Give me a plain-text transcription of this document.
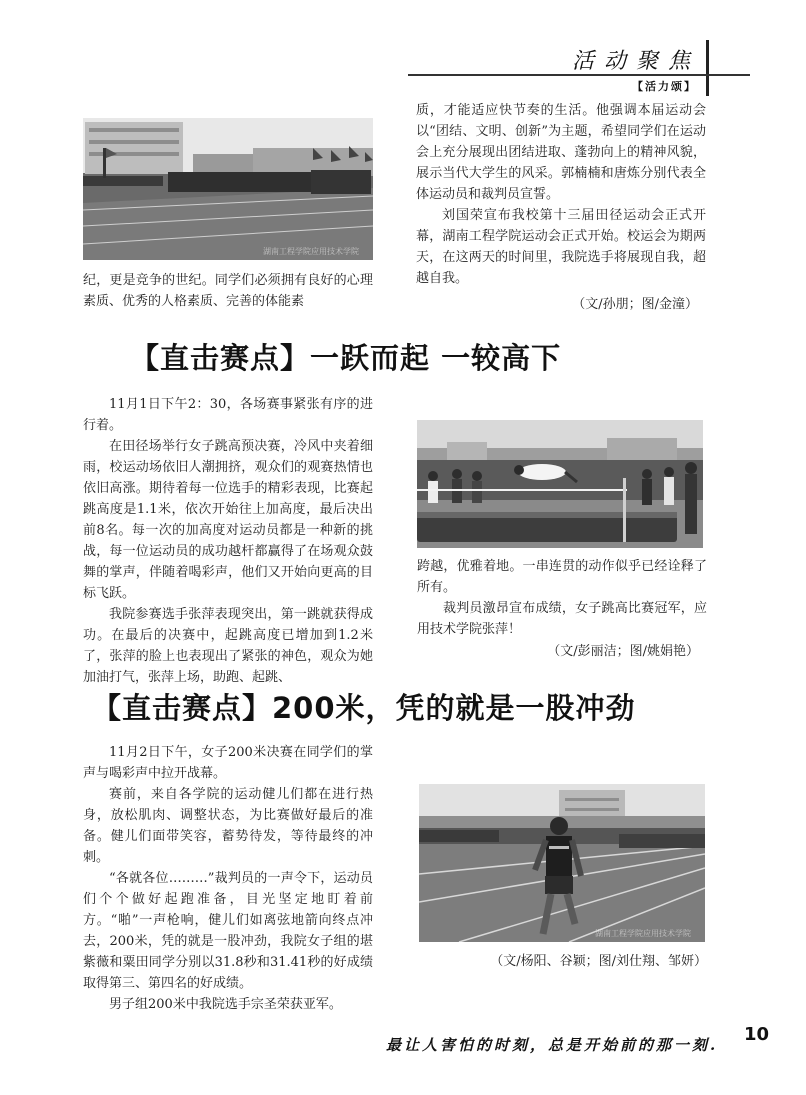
活动聚焦
【活力颂】
湖南工程学院应用技术学院

纪，更是竞争的世纪。同学们必须拥有良好的心理素质、优秀的人格素质、完善的体能素

质，才能适应快节奏的生活。他强调本届运动会以“团结、文明、创新”为主题，希望同学们在运动会上充分展现出团结进取、蓬勃向上的精神风貌，展示当代大学生的风采。郭楠楠和唐炼分别代表全体运动员和裁判员宣誓。

刘国荣宣布我校第十三届田径运动会正式开幕，湖南工程学院运动会正式开始。校运会为期两天，在这两天的时间里，我院选手将展现自我，超越自我。

（文/孙朋；图/金潼）
【直击赛点】一跃而起 一较高下

11月1日下午2：30，各场赛事紧张有序的进行着。

在田径场举行女子跳高预决赛，冷风中夹着细雨，校运动场依旧人潮拥挤，观众们的观赛热情也依旧高涨。期待着每一位选手的精彩表现，比赛起跳高度是1.1米，依次开始往上加高度，最后决出前8名。每一次的加高度对运动员都是一种新的挑战，每一位运动员的成功越杆都赢得了在场观众鼓舞的掌声，伴随着喝彩声，他们又开始向更高的目标飞跃。

我院参赛选手张萍表现突出，第一跳就获得成功。在最后的决赛中，起跳高度已增加到1.2米了，张萍的脸上也表现出了紧张的神色，观众为她加油打气，张萍上场，助跑、起跳、

跨越，优雅着地。一串连贯的动作似乎已经诠释了所有。

裁判员激昂宣布成绩，女子跳高比赛冠军，应用技术学院张萍！

（文/彭丽洁；图/姚娟艳）
【直击赛点】200米，凭的就是一股冲劲

11月2日下午，女子200米决赛在同学们的掌声与喝彩声中拉开战幕。

赛前，来自各学院的运动健儿们都在进行热身，放松肌肉、调整状态，为比赛做好最后的准备。健儿们面带笑容，蓄势待发，等待最终的冲刺。

“各就各位………”裁判员的一声令下，运动员们个个做好起跑准备，目光坚定地盯着前方。“啪”一声枪响，健儿们如离弦地箭向终点冲去，200米，凭的就是一股冲劲，我院女子组的堪紫薇和粟田同学分别以31.8秒和31.41秒的好成绩取得第三、第四名的好成绩。

男子组200米中我院选手宗圣荣获亚军。

湖南工程学院应用技术学院
（文/杨阳、谷颖；图/刘仕翔、邹妍）
最让人害怕的时刻，总是开始前的那一刻. 10
